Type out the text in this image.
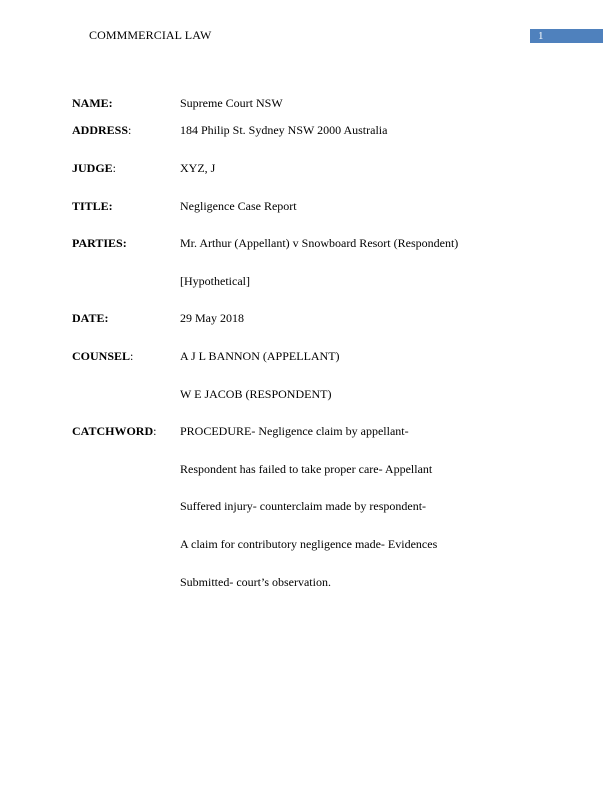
COMMMERCIAL LAW	1
NAME:	Supreme Court NSW
ADDRESS:	184 Philip St. Sydney NSW 2000 Australia
JUDGE:	XYZ, J
TITLE:	Negligence Case Report
PARTIES:	Mr. Arthur (Appellant) v Snowboard Resort (Respondent)
[Hypothetical]
DATE:	29 May 2018
COUNSEL:	A J L BANNON (APPELLANT)
W E JACOB (RESPONDENT)
CATCHWORD: PROCEDURE- Negligence claim by appellant-
Respondent has failed to take proper care- Appellant
Suffered injury- counterclaim made by respondent-
A claim for contributory negligence made- Evidences
Submitted- court’s observation.
